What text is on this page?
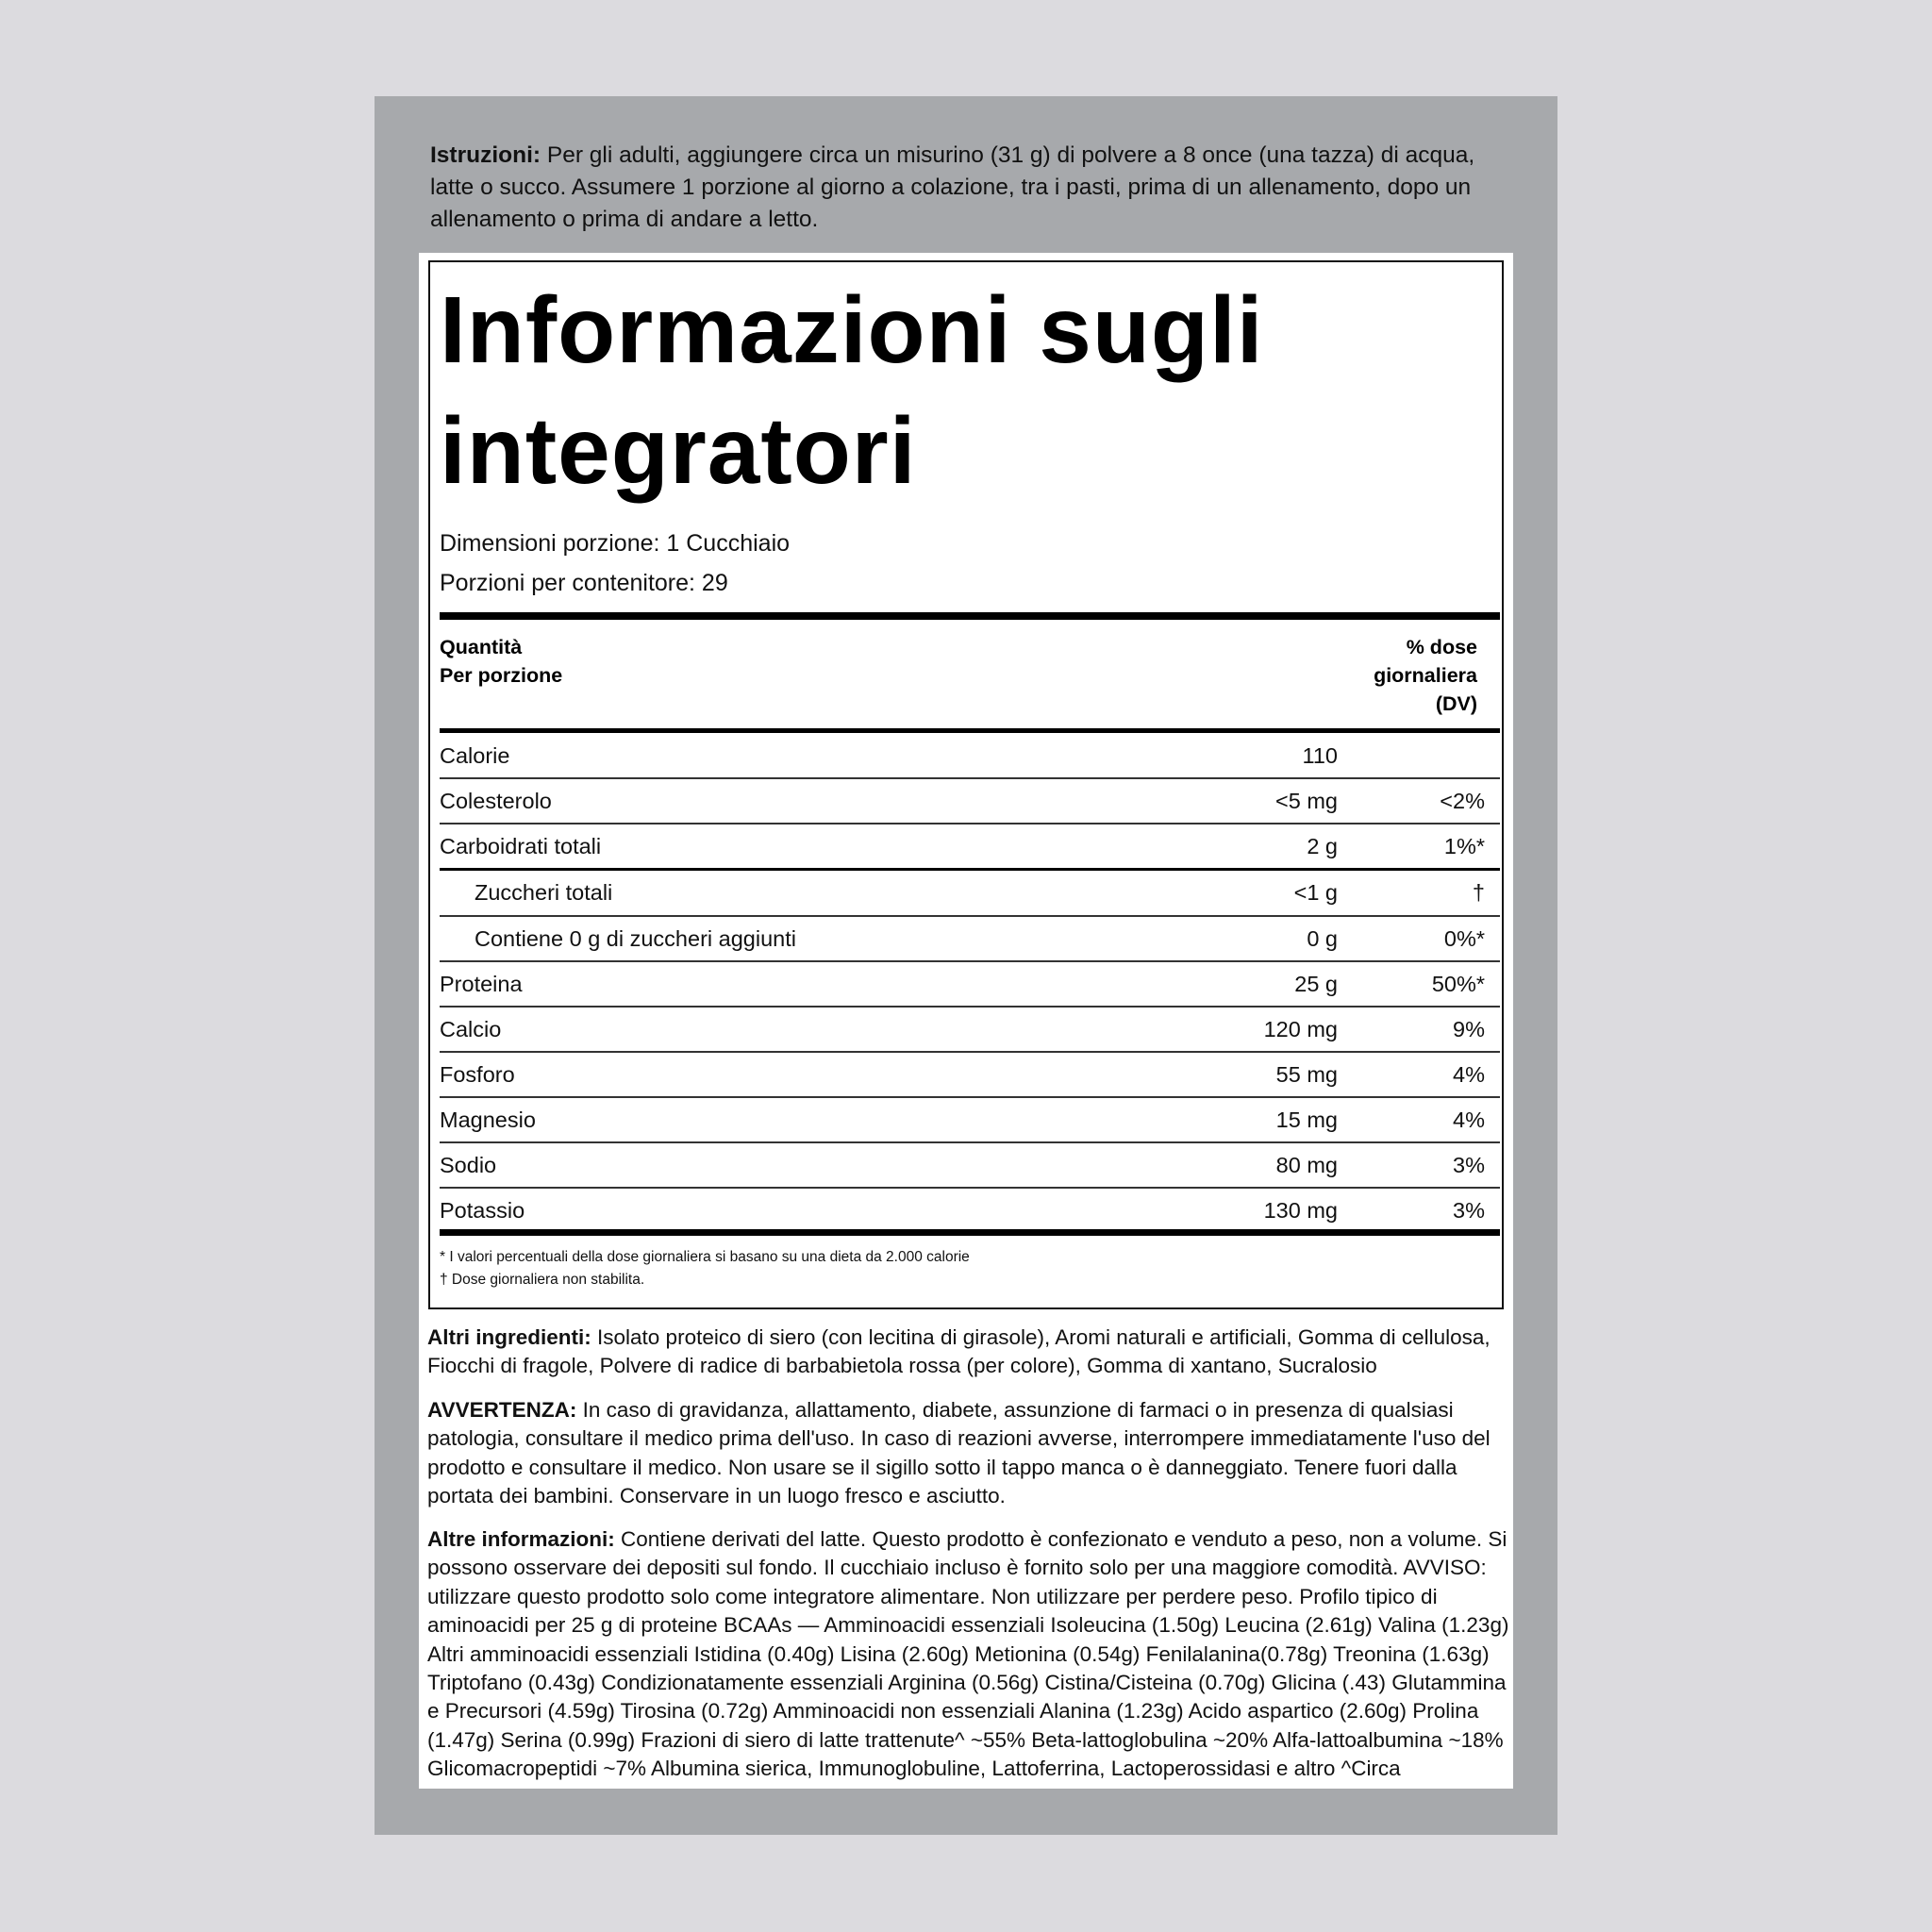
Istruzioni: Per gli adulti, aggiungere circa un misurino (31 g) di polvere a 8 once (una tazza) di acqua, latte o succo. Assumere 1 porzione al giorno a colazione, tra i pasti, prima di un allenamento, dopo un allenamento o prima di andare a letto.
Informazioni sugli integratori
Dimensioni porzione: 1 Cucchiaio
Porzioni per contenitore: 29
Quantità
Per porzione
% dose
giornaliera
(DV)
Calorie	110
Colesterolo	<5 mg	<2%
Carboidrati totali	2 g	1%*
Zuccheri totali	<1 g	†
Contiene 0 g di zuccheri aggiunti	0 g	0%*
Proteina	25 g	50%*
Calcio	120 mg	9%
Fosforo	55 mg	4%
Magnesio	15 mg	4%
Sodio	80 mg	3%
Potassio	130 mg	3%
* I valori percentuali della dose giornaliera si basano su una dieta da 2.000 calorie
† Dose giornaliera non stabilita.
Altri ingredienti: Isolato proteico di siero (con lecitina di girasole), Aromi naturali e artificiali, Gomma di cellulosa, Fiocchi di fragole, Polvere di radice di barbabietola rossa (per colore), Gomma di xantano, Sucralosio
AVVERTENZA: In caso di gravidanza, allattamento, diabete, assunzione di farmaci o in presenza di qualsiasi patologia, consultare il medico prima dell'uso. In caso di reazioni avverse, interrompere immediatamente l'uso del prodotto e consultare il medico. Non usare se il sigillo sotto il tappo manca o è danneggiato. Tenere fuori dalla portata dei bambini. Conservare in un luogo fresco e asciutto.
Altre informazioni: Contiene derivati del latte. Questo prodotto è confezionato e venduto a peso, non a volume. Si possono osservare dei depositi sul fondo. Il cucchiaio incluso è fornito solo per una maggiore comodità. AVVISO: utilizzare questo prodotto solo come integratore alimentare. Non utilizzare per perdere peso. Profilo tipico di aminoacidi per 25 g di proteine BCAAs — Amminoacidi essenziali Isoleucina (1.50g) Leucina (2.61g) Valina (1.23g) Altri amminoacidi essenziali Istidina (0.40g) Lisina (2.60g) Metionina (0.54g) Fenilalanina(0.78g) Treonina (1.63g) Triptofano (0.43g) Condizionatamente essenziali Arginina (0.56g) Cistina/Cisteina (0.70g) Glicina (.43) Glutammina e Precursori (4.59g) Tirosina (0.72g) Amminoacidi non essenziali Alanina (1.23g) Acido aspartico (2.60g) Prolina (1.47g) Serina (0.99g) Frazioni di siero di latte trattenute^ ~55% Beta-lattoglobulina ~20% Alfa-lattoalbumina ~18% Glicomacropeptidi ~7% Albumina sierica, Immunoglobuline, Lattoferrina, Lactoperossidasi e altro ^Circa
